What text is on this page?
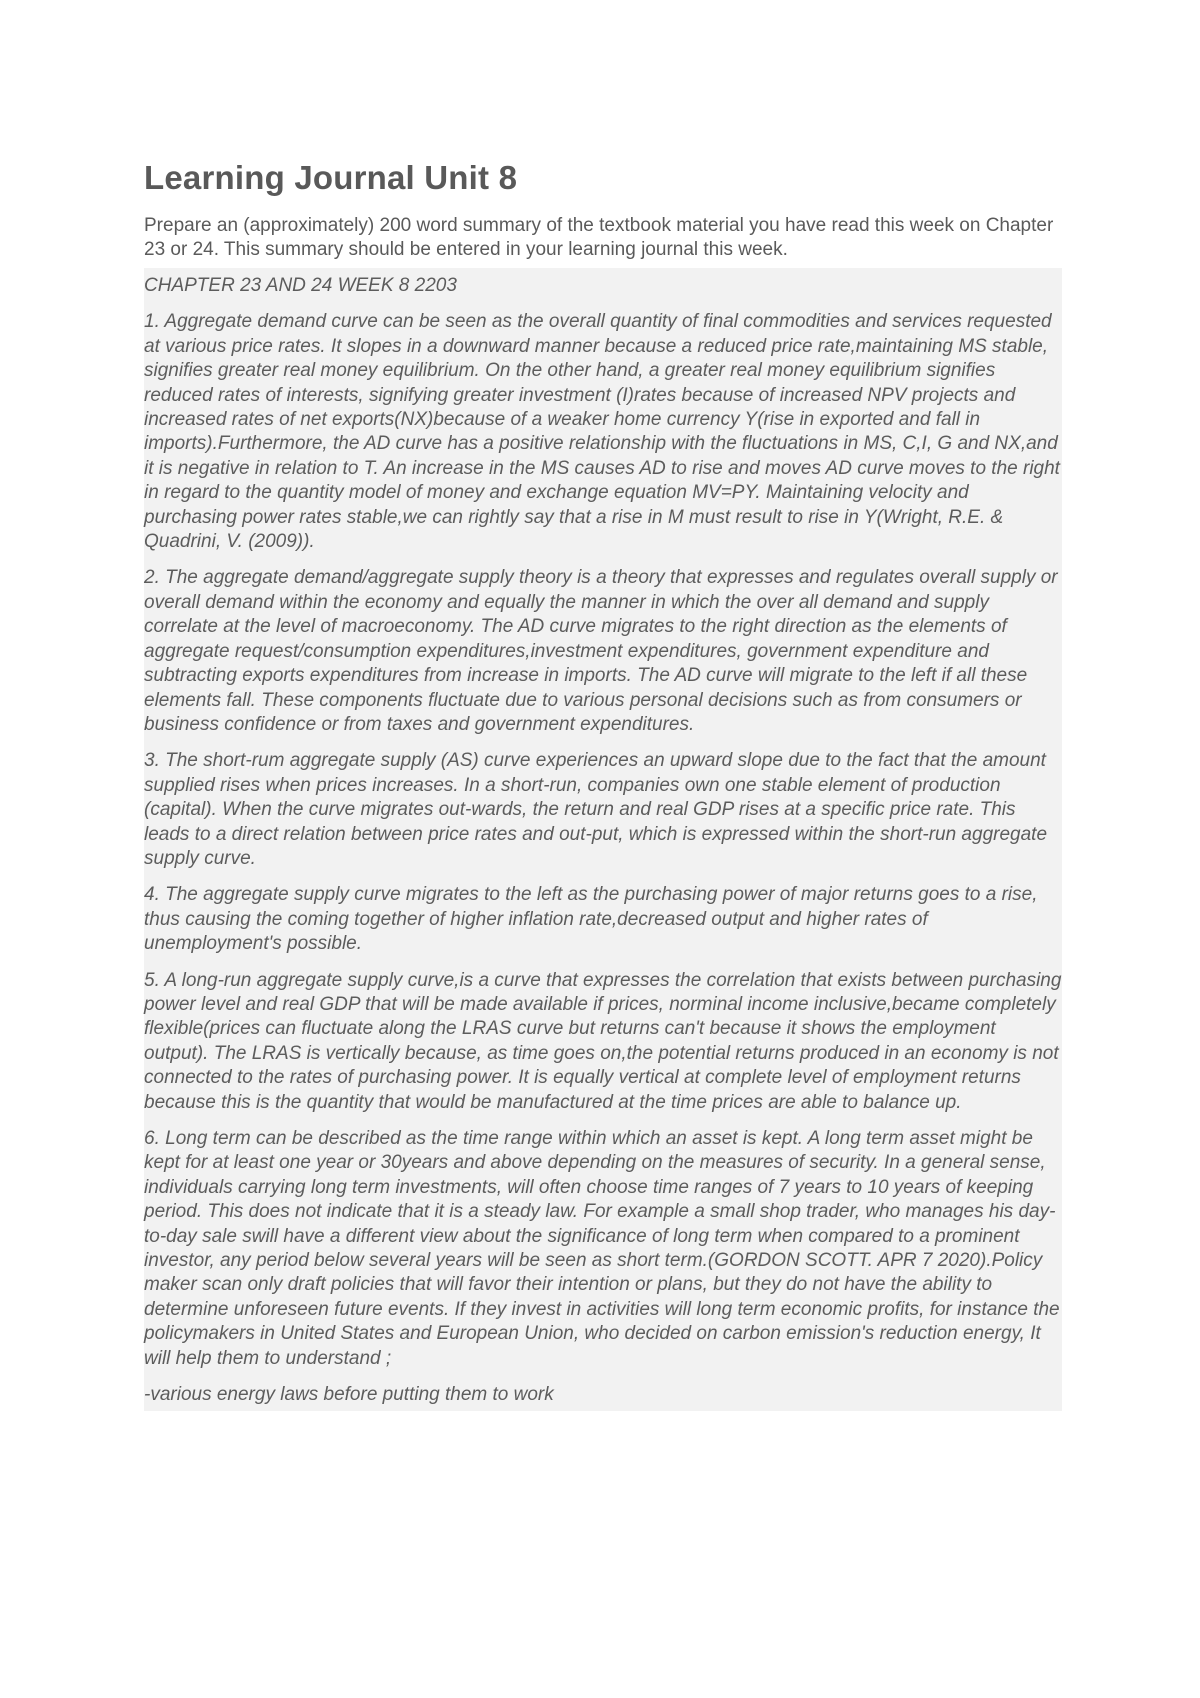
Learning Journal Unit 8

Prepare an (approximately) 200 word summary of the textbook material you have read this week on Chapter 23 or 24. This summary should be entered in your learning journal this week.

CHAPTER 23 AND 24 WEEK 8 2203

1. Aggregate demand curve can be seen as the overall quantity of final commodities and services requested at various price rates. It slopes in a downward manner because a reduced price rate,maintaining MS stable, signifies greater real money equilibrium. On the other hand, a greater real money equilibrium signifies reduced rates of interests, signifying greater investment (I)rates because of increased NPV projects and increased rates of net exports(NX)because of a weaker home currency Y(rise in exported and fall in imports).Furthermore, the AD curve has a positive relationship with the fluctuations in MS, C,I, G and NX,and it is negative in relation to T. An increase in the MS causes AD to rise and moves AD curve moves to the right in regard to the quantity model of money and exchange equation MV=PY. Maintaining velocity and purchasing power rates stable,we can rightly say that a rise in M must result to rise in Y(Wright, R.E. & Quadrini, V. (2009)).

2. The aggregate demand/aggregate supply theory is a theory that expresses and regulates overall supply or overall demand within the economy and equally the manner in which the over all demand and supply correlate at the level of macroeconomy. The AD curve migrates to the right direction as the elements of aggregate request/consumption expenditures,investment expenditures, government expenditure and subtracting exports expenditures from increase in imports. The AD curve will migrate to the left if all these elements fall. These components fluctuate due to various personal decisions such as from consumers or business confidence or from taxes and government expenditures.

3. The short-rum aggregate supply (AS) curve experiences an upward slope due to the fact that the amount supplied rises when prices increases. In a short-run, companies own one stable element of production (capital). When the curve migrates out-wards, the return and real GDP rises at a specific price rate. This leads to a direct relation between price rates and out-put, which is expressed within the short-run aggregate supply curve.

4. The aggregate supply curve migrates to the left as the purchasing power of major returns goes to a rise, thus causing the coming together of higher inflation rate,decreased output and higher rates of unemployment's possible.

5. A long-run aggregate supply curve,is a curve that expresses the correlation that exists between purchasing power level and real GDP that will be made available if prices, norminal income inclusive,became completely flexible(prices can fluctuate along the LRAS curve but returns can't because it shows the employment output). The LRAS is vertically because, as time goes on,the potential returns produced in an economy is not connected to the rates of purchasing power. It is equally vertical at complete level of employment returns because this is the quantity that would be manufactured at the time prices are able to balance up.

6. Long term can be described as the time range within which an asset is kept. A long term asset might be kept for at least one year or 30years and above depending on the measures of security. In a general sense, individuals carrying long term investments, will often choose time ranges of 7 years to 10 years of keeping period. This does not indicate that it is a steady law. For example a small shop trader, who manages his day-to-day sale swill have a different view about the significance of long term when compared to a prominent investor, any period below several years will be seen as short term.(GORDON SCOTT. APR 7 2020).Policy maker scan only draft policies that will favor their intention or plans, but they do not have the ability to determine unforeseen future events. If they invest in activities will long term economic profits, for instance the policymakers in United States and European Union, who decided on carbon emission's reduction energy, It will help them to understand ;

-various energy laws before putting them to work
